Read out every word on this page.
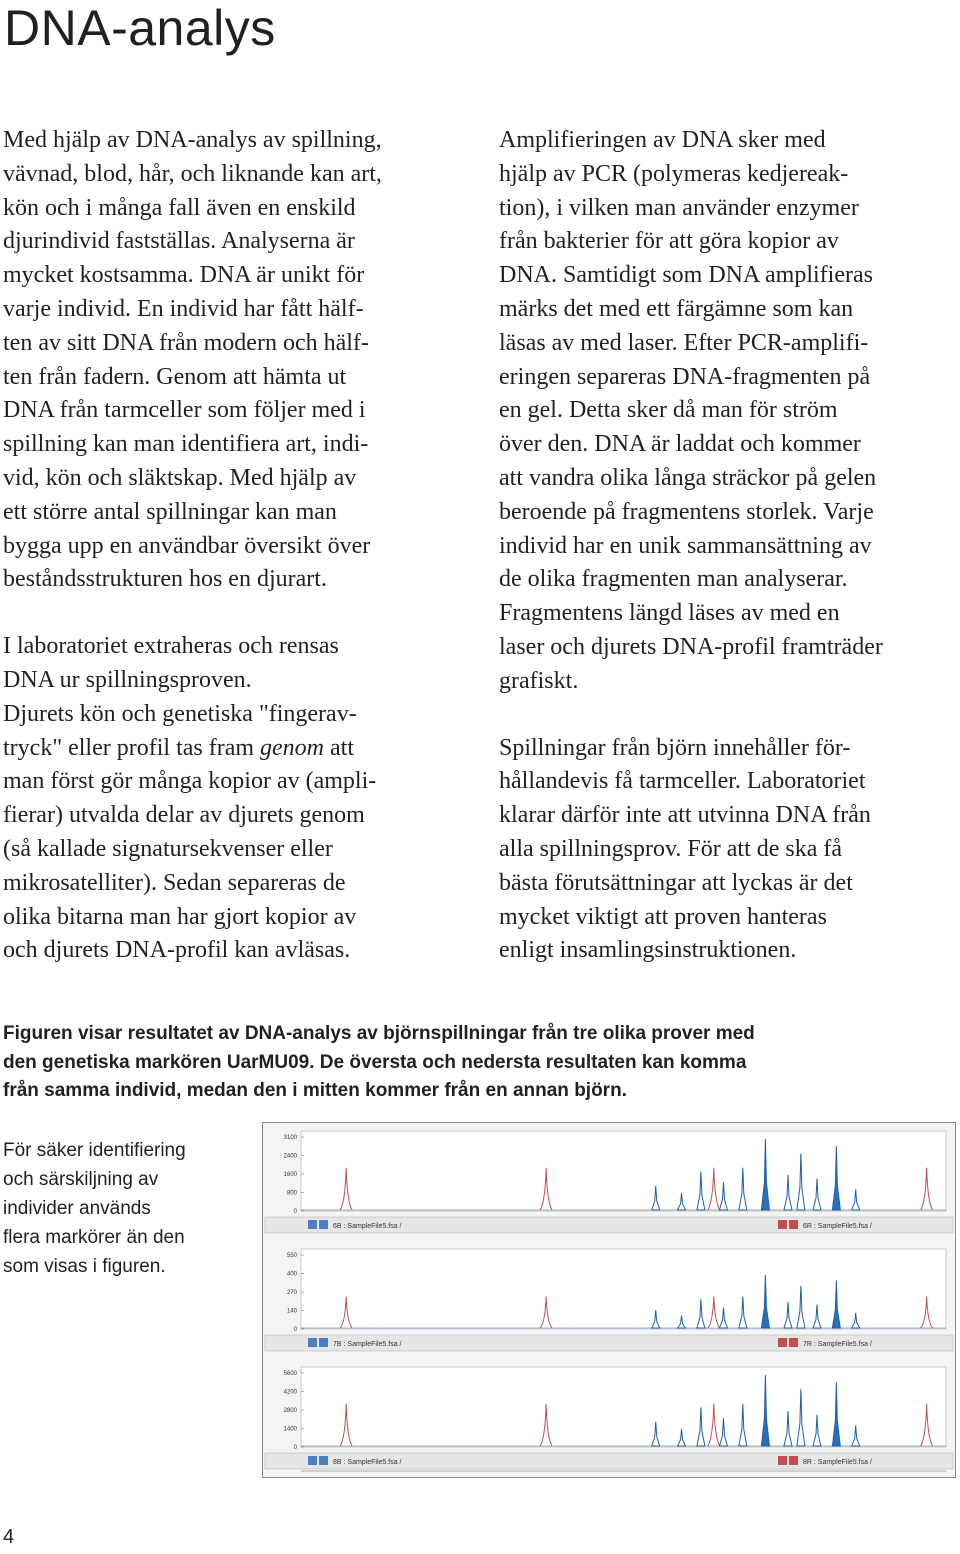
DNA-analys

Med hjälp av DNA-analys av spillning,

vävnad, blod, hår, och liknande kan art,

kön och i många fall även en enskild

djurindivid fastställas. Analyserna är

mycket kostsamma. DNA är unikt för

varje individ. En individ har fått hälf-

ten av sitt DNA från modern och hälf-

ten från fadern. Genom att hämta ut

DNA från tarmceller som följer med i

spillning kan man identifiera art, indi-

vid, kön och släktskap. Med hjälp av

ett större antal spillningar kan man

bygga upp en användbar översikt över

beståndsstrukturen hos en djurart.

I laboratoriet extraheras och rensas

DNA ur spillningsproven.

Djurets kön och genetiska "fingerav-

tryck" eller profil tas fram genom att

man först gör många kopior av (ampli-

fierar) utvalda delar av djurets genom

(så kallade signatursekvenser eller

mikrosatelliter). Sedan separeras de

olika bitarna man har gjort kopior av

och djurets DNA-profil kan avläsas.

Amplifieringen av DNA sker med

hjälp av PCR (polymeras kedjereak-

tion), i vilken man använder enzymer

från bakterier för att göra kopior av

DNA. Samtidigt som DNA amplifieras

märks det med ett färgämne som kan

läsas av med laser. Efter PCR-amplifi-

eringen separeras DNA-fragmenten på

en gel. Detta sker då man för ström

över den. DNA är laddat och kommer

att vandra olika långa sträckor på gelen

beroende på fragmentens storlek. Varje

individ har en unik sammansättning av

de olika fragmenten man analyserar.

Fragmentens längd läses av med en

laser och djurets DNA-profil framträder

grafiskt.

Spillningar från björn innehåller för-

hållandevis få tarmceller. Laboratoriet

klarar därför inte att utvinna DNA från

alla spillningsprov. För att de ska få

bästa förutsättningar att lyckas är det

mycket viktigt att proven hanteras

enligt insamlingsinstruktionen.

Figuren visar resultatet av DNA-analys av björnspillningar från tre olika prover med
den genetiska markören UarMU09. De översta och nedersta resultaten kan komma
från samma individ, medan den i mitten kommer från en annan björn.

För säker identifiering
och särskiljning av
individer används
flera markörer än den
som visas i figuren.

3100
2400
1600
800
0
6B : SampleFile5.fsa /	6R : SampleFile5.fsa /
550
400
270
140
0
7B : SampleFile5.fsa /	7R : SampleFile5.fsa /
5600
4200
2800
1400
0
8B : SampleFile5.fsa /	8R : SampleFile5.fsa /
4
